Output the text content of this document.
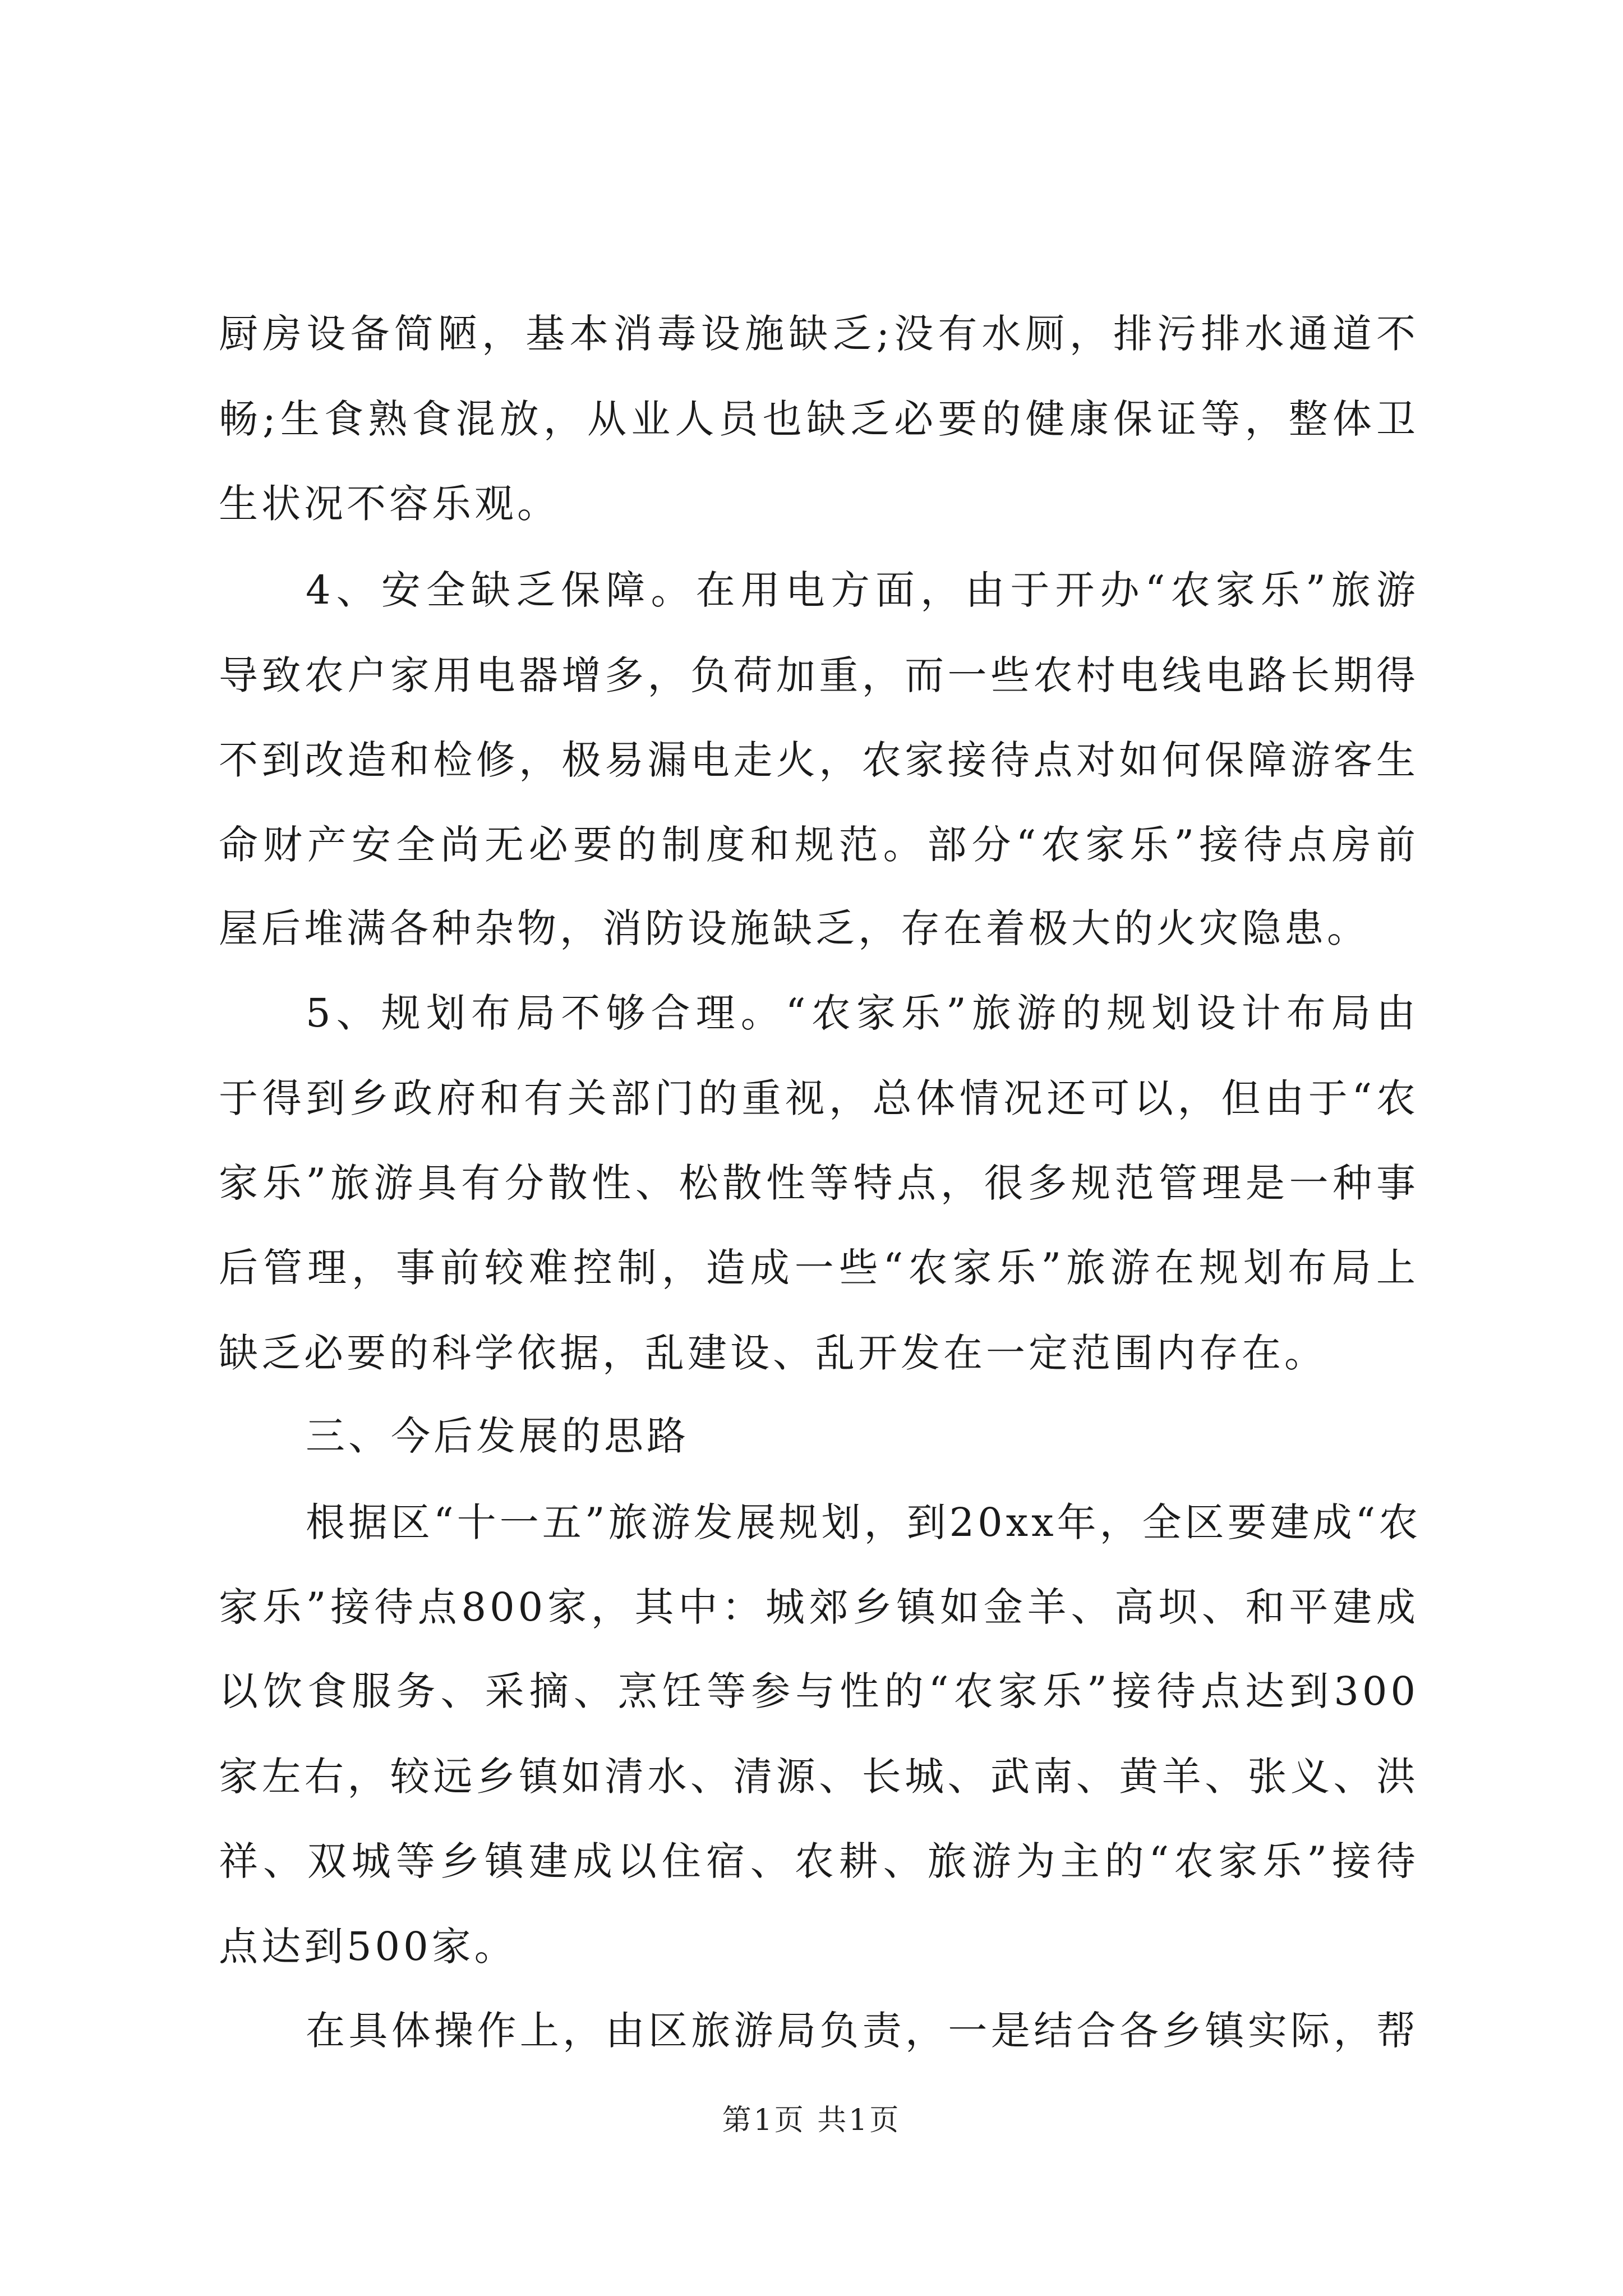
厨房设备简陋，基本消毒设施缺乏;没有水厕，排污排水通道不
畅;生食熟食混放，从业人员也缺乏必要的健康保证等，整体卫
生状况不容乐观。
4、安全缺乏保障。在用电方面，由于开办“农家乐”旅游
导致农户家用电器增多，负荷加重，而一些农村电线电路长期得
不到改造和检修，极易漏电走火，农家接待点对如何保障游客生
命财产安全尚无必要的制度和规范。部分“农家乐”接待点房前
屋后堆满各种杂物，消防设施缺乏，存在着极大的火灾隐患。
5、规划布局不够合理。“农家乐”旅游的规划设计布局由
于得到乡政府和有关部门的重视，总体情况还可以，但由于“农
家乐”旅游具有分散性、松散性等特点，很多规范管理是一种事
后管理，事前较难控制，造成一些“农家乐”旅游在规划布局上
缺乏必要的科学依据，乱建设、乱开发在一定范围内存在。
三、今后发展的思路
根据区“十一五”旅游发展规划，到20xx年，全区要建成“农
家乐”接待点800家，其中：城郊乡镇如金羊、高坝、和平建成
以饮食服务、采摘、烹饪等参与性的“农家乐”接待点达到300
家左右，较远乡镇如清水、清源、长城、武南、黄羊、张义、洪
祥、双城等乡镇建成以住宿、农耕、旅游为主的“农家乐”接待
点达到500家。
在具体操作上，由区旅游局负责，一是结合各乡镇实际，帮
第1页 共1页
